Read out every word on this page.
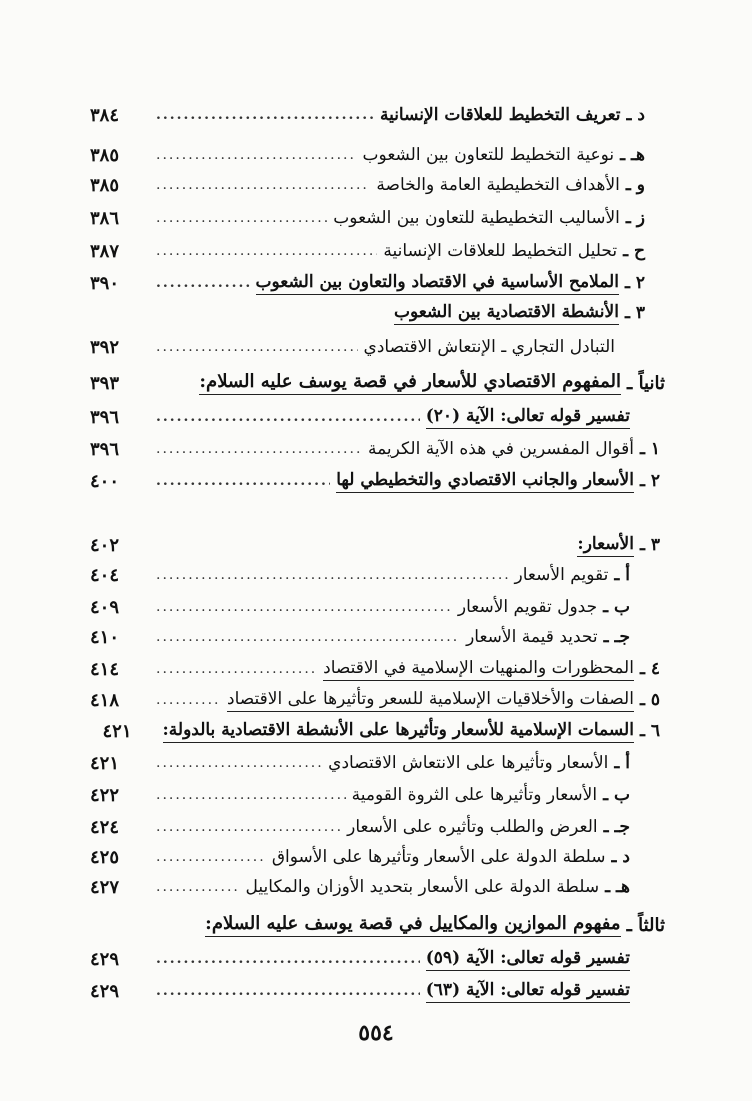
د ـ
تعريف التخطيط للعلاقات الإنسانية
.....
٣٨٤
هـ ـ
نوعية التخطيط للتعاون بين الشعوب
.....
٣٨٥
و ـ
الأهداف التخطيطية العامة والخاصة
.....
٣٨٥
ز ـ
الأساليب التخطيطية للتعاون بين الشعوب
.....
٣٨٦
ح ـ
تحليل التخطيط للعلاقات الإنسانية
.....
٣٨٧
٢ ـ
الملامح الأساسية في الاقتصاد والتعاون بين الشعوب
.....
٣٩٠
٣ ـ
الأنشطة الاقتصادية بين الشعوب
التبادل التجاري ـ الإنتعاش الاقتصادي
.....
٣٩٢
ثانياً ـ
المفهوم الاقتصادي للأسعار في قصة يوسف عليه السلام:
٣٩٣
تفسير قوله تعالى: الآية (٢٠)
.....
٣٩٦
١ ـ
أقوال المفسرين في هذه الآية الكريمة
.....
٣٩٦
٢ ـ
الأسعار والجانب الاقتصادي والتخطيطي لها
.....
٤٠٠
٣ ـ
الأسعار:
٤٠٢
أ ـ
تقويم الأسعار
.....
٤٠٤
ب ـ
جدول تقويم الأسعار
.....
٤٠٩
جـ ـ
تحديد قيمة الأسعار
.....
٤١٠
٤ ـ
المحظورات والمنهيات الإسلامية في الاقتصاد
.....
٤١٤
٥ ـ
الصفات والأخلاقيات الإسلامية للسعر وتأثيرها على الاقتصاد
.....
٤١٨
٦ ـ
السمات الإسلامية للأسعار وتأثيرها على الأنشطة الاقتصادية بالدولة:
٤٢١
أ ـ
الأسعار وتأثيرها على الانتعاش الاقتصادي
.....
٤٢١
ب ـ
الأسعار وتأثيرها على الثروة القومية
.....
٤٢٢
جـ ـ
العرض والطلب وتأثيره على الأسعار
.....
٤٢٤
د ـ
سلطة الدولة على الأسعار وتأثيرها على الأسواق
.....
٤٢٥
هـ ـ
سلطة الدولة على الأسعار بتحديد الأوزان والمكاييل
.....
٤٢٧
ثالثاً ـ
مفهوم الموازين والمكاييل في قصة يوسف عليه السلام:
تفسير قوله تعالى: الآية (٥٩)
.....
٤٢٩
تفسير قوله تعالى: الآية (٦٣)
.....
٤٢٩
٥٥٤
